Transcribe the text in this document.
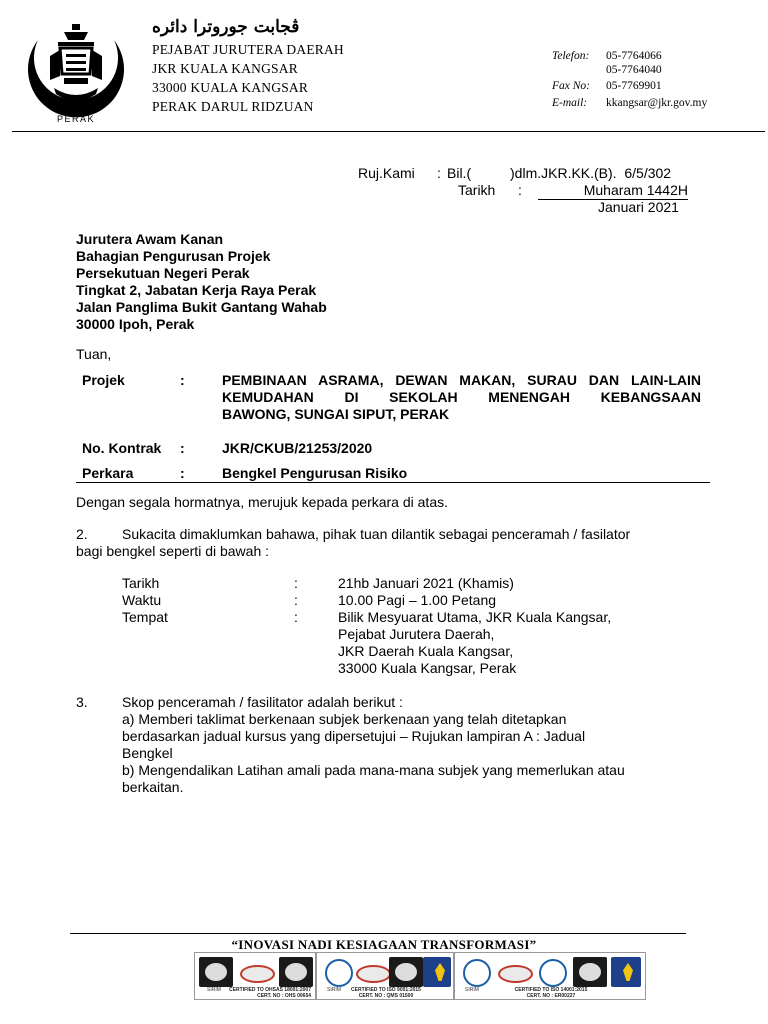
PERAK
ڤجابت جوروترا دائره
PEJABAT JURUTERA DAERAH
JKR KUALA KANGSAR
33000 KUALA KANGSAR
PERAK DARUL RIDZUAN
Telefon: 05-7764066
05-7764040
Fax No: 05-7769901
E-mail: kkangsar@jkr.gov.my
Ruj.Kami : Bil.(          )dlm.JKR.KK.(B).  6/5/302
Tarikh :	Muharam 1442H
Januari 2021
Jurutera Awam Kanan
Bahagian Pengurusan Projek
Persekutuan Negeri Perak
Tingkat 2, Jabatan Kerja Raya Perak
Jalan Panglima Bukit Gantang Wahab
30000 Ipoh, Perak
Tuan,
Projek	:	PEMBINAAN ASRAMA, DEWAN MAKAN, SURAU DAN LAIN-LAIN
KEMUDAHAN DI SEKOLAH MENENGAH KEBANGSAAN
BAWONG, SUNGAI SIPUT, PERAK
No. Kontrak :	JKR/CKUB/21253/2020
Perkara	:	Bengkel Pengurusan Risiko
Dengan segala hormatnya, merujuk kepada perkara di atas.
2. Sukacita dimaklumkan bahawa, pihak tuan dilantik sebagai penceramah / fasilator
bagi bengkel seperti di bawah :
Tarikh	:	21hb Januari 2021 (Khamis)
Waktu	:	10.00 Pagi – 1.00 Petang
Tempat	:	Bilik Mesyuarat Utama, JKR Kuala Kangsar,
Pejabat Jurutera Daerah,
JKR Daerah Kuala Kangsar,
33000 Kuala Kangsar, Perak
3. Skop penceramah / fasilitator adalah berikut :
a) Memberi taklimat berkenaan subjek berkenaan yang telah ditetapkan
berdasarkan jadual kursus yang dipersetujui – Rujukan lampiran A : Jadual
Bengkel
b) Mengendalikan Latihan amali pada mana-mana subjek yang memerlukan atau
berkaitan.
“INOVASI NADI KESIAGAAN TRANSFORMASI”
SIRIM	CERTIFIED TO OHSAS 18001:2007
CERT. NO : OHS 00654
SIRIM	CERTIFIED TO ISO 9001:2015
CERT. NO : QMS 01500
SIRIM	CERTIFIED TO ISO 14001:2015
CERT. NO : ER00227
